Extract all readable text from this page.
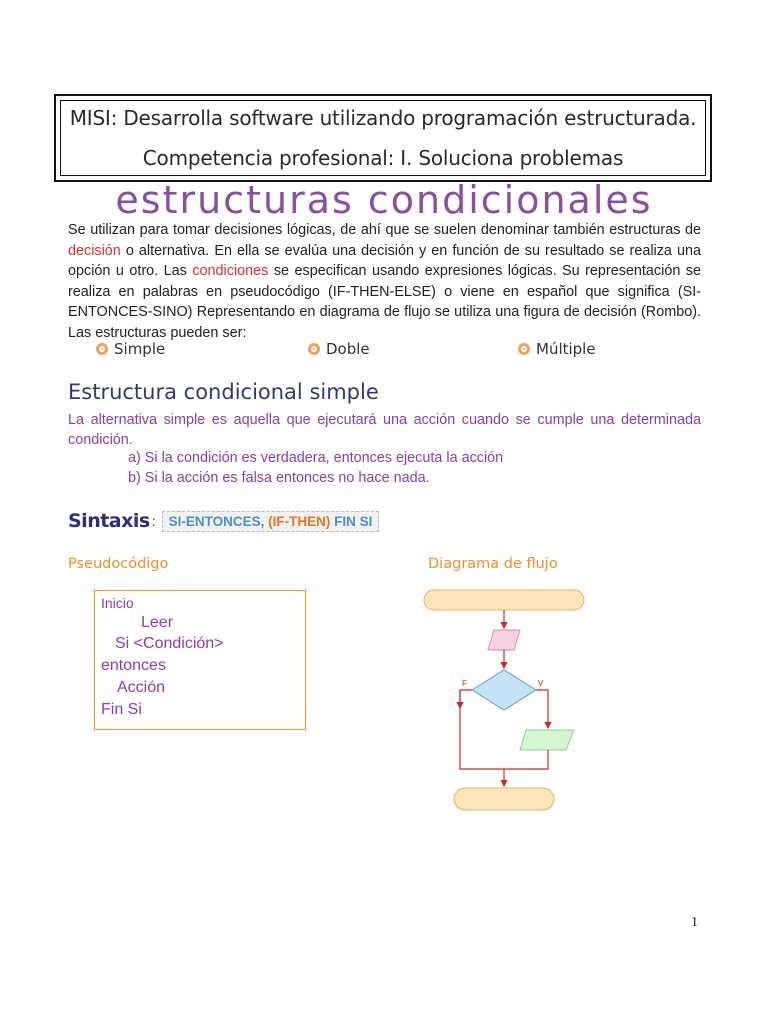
MISI: Desarrolla software utilizando programación estructurada.
Competencia profesional: I. Soluciona problemas
estructuras condicionales
Se utilizan para tomar decisiones lógicas, de ahí que se suelen denominar también estructuras de decisión o alternativa. En ella se evalúa una decisión y en función de su resultado se realiza una opción u otro. Las condiciones se especifican usando expresiones lógicas. Su representación se realiza en palabras en pseudocódigo (IF-THEN-ELSE) o viene en español que significa (SI-ENTONCES-SINO) Representando en diagrama de flujo se utiliza una figura de decisión (Rombo). Las estructuras pueden ser:
Simple	Doble	Múltiple
Estructura condicional simple
La alternativa simple es aquella que ejecutará una acción cuando se cumple una determinada condición.
a) Si la condición es verdadera, entonces ejecuta la acción
b) Si la acción es falsa entonces no hace nada.
Sintaxis : SI-ENTONCES, (IF-THEN) FIN SI
Pseudocódigo	Diagrama de flujo
Inicio
Leer
Si <Condición>
entonces
Acción
Fin Si
F	V
1
